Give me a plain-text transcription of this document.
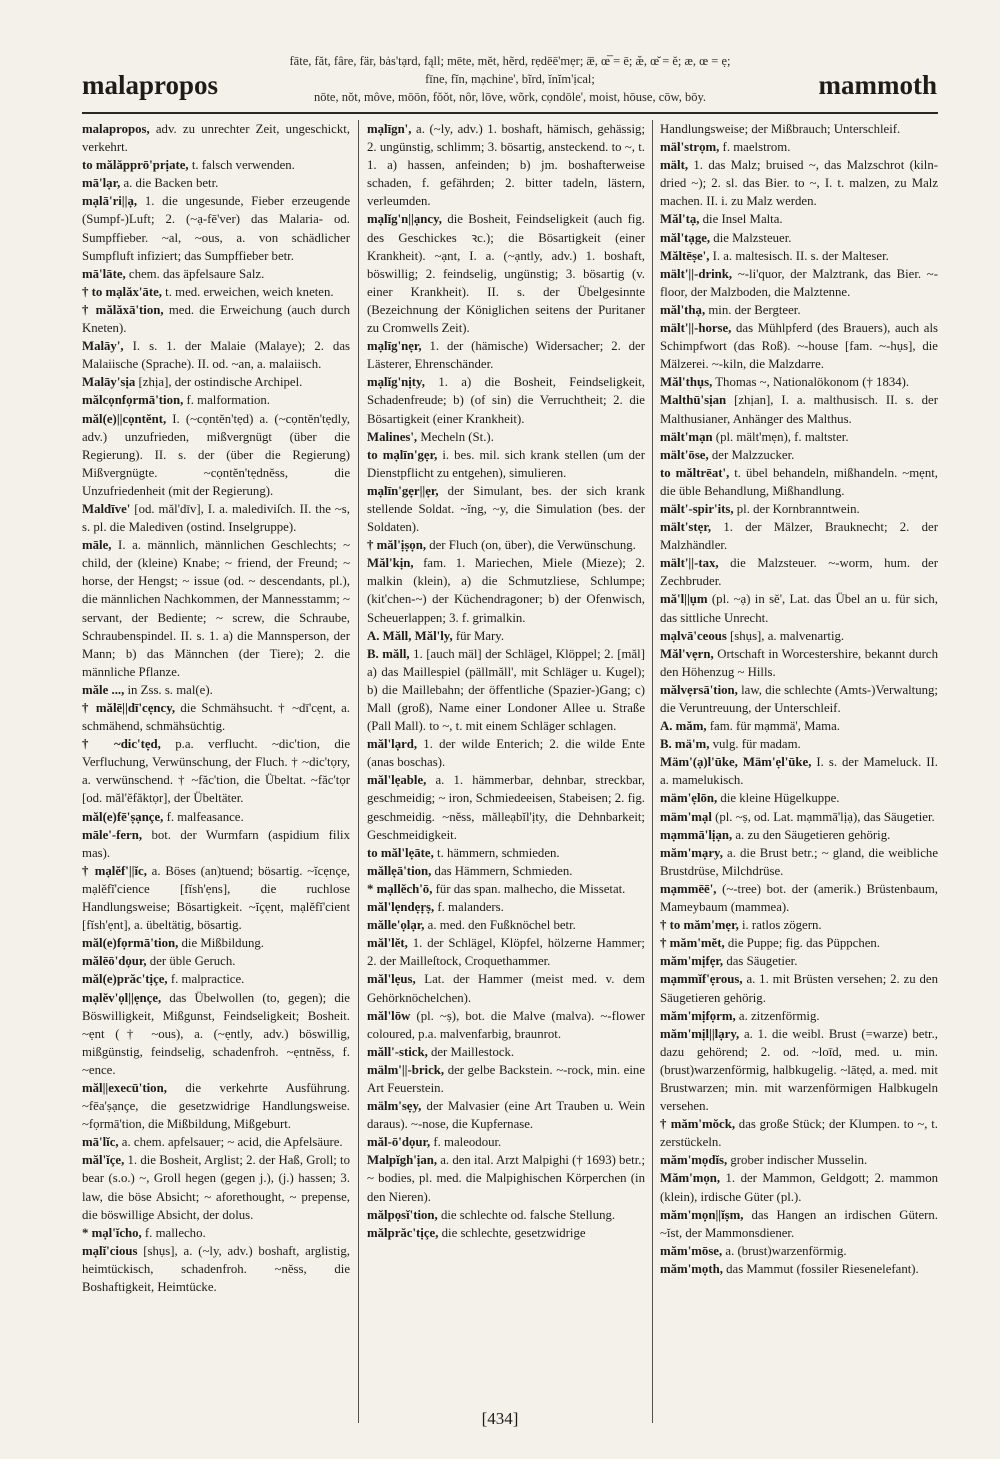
malapropos
fāte, făt, fâre, fär, bȧs'tạrd, fąll; mēte, mĕt, hẽrd, rẹdēē'mẹr; æ̅, œ̅ = ē; æ̆, œ̆ = ĕ; æ, œ = ẹ;
fīne, fĭn, mạchine', bĩrd, ĭnĭm'ịcal;
nōte, nŏt, môve, mōōn, fŏŏt, nôr, lōve, wõrk, cọndōle', moist, hōuse, cōw, bōy.	mammoth

malapropos, adv. zu unrechter Zeit, ungeschickt, verkehrt.

to mălăpprō'prịate, t. falsch verwenden.

mā'lạr, a. die Backen betr.

mạlā'ri||ạ, 1. die ungesunde, Fieber erzeugende (Sumpf-)Luft; 2. (~ạ-fē'ver) das Malaria- od. Sumpffieber. ~al, ~ous, a. von schädlicher Sumpfluft infiziert; das Sumpffieber betr.

mā'lāte, chem. das äpfelsaure Salz.

† to mạlăx'āte, t. med. erweichen, weich kneten.

† mălăxā'tion, med. die Erweichung (auch durch Kneten).

Malāy', I. s. 1. der Malaie (Malaye); 2. das Malaiische (Sprache). II. od. ~an, a. malaiisch.

Malāy'sịa [zhịa], der ostindische Archipel.

mălcọnfọrmā'tion, f. malformation.

măl(e)||cọntĕnt, I. (~cọntĕn'tẹd) a. (~cọntĕn'tẹdly, adv.) unzufrieden, mißvergnügt (über die Regierung). II. s. der (über die Regierung) Mißvergnügte. ~cọntĕn'tẹdnĕss, die Unzufriedenheit (mit der Regierung).

Maldīve' [od. măl'dīv], I. a. malediviſch. II. the ~s, s. pl. die Malediven (ostind. Inselgruppe).

māle, I. a. männlich, männlichen Geschlechts; ~ child, der (kleine) Knabe; ~ friend, der Freund; ~ horse, der Hengst; ~ issue (od. ~ descendants, pl.), die männlichen Nachkommen, der Mannesstamm; ~ servant, der Bediente; ~ screw, die Schraube, Schraubenspindel. II. s. 1. a) die Mannsperson, der Mann; b) das Männchen (der Tiere); 2. die männliche Pflanze.

măle ..., in Zss. s. mal(e).

† mălē||dī'cẹncy, die Schmähsucht. † ~dī'cẹnt, a. schmähend, schmähsüchtig.

† ~dic'tẹd, p.a. verflucht. ~dic'tion, die Verfluchung, Verwünschung, der Fluch. † ~dic'tọry, a. verwünschend. † ~făc'tion, die Übeltat. ~făc'tọr [od. măl'ĕfăktọr], der Übeltäter.

măl(e)fē'ṣạnçe, f. malfeasance.

māle'-fern, bot. der Wurmfarn (aspidium filix mas).

† mạlĕf'||ĭc, a. Böses (an)tuend; bösartig. ~ĭcẹnçe, mạlĕfĭ'cience [fĭsh'ẹns], die ruchlose Handlungsweise; Bösartigkeit. ~ĭçẹnt, mạlĕfĭ'cient [fĭsh'ẹnt], a. übeltätig, bösartig.

măl(e)fọrmā'tion, die Mißbildung.

mălēō'dọur, der üble Geruch.

măl(e)prăc'tịçe, f. malpractice.

mạlĕv'ọl||ẹnçe, das Übelwollen (to, gegen); die Böswilligkeit, Mißgunst, Feindseligkeit; Bosheit. ~ẹnt († ~ous), a. (~ẹntly, adv.) böswillig, mißgünstig, feindselig, schadenfroh. ~ẹntnĕss, f. ~ence.

măl||execū'tion, die verkehrte Ausführung. ~fēa'ṣạnçe, die gesetzwidrige Handlungsweise. ~fọrmā'tion, die Mißbildung, Mißgeburt.

mā'lĭc, a. chem. apfelsauer; ~ acid, die Apfelsäure.

măl'ĭçe, 1. die Bosheit, Arglist; 2. der Haß, Groll; to bear (s.o.) ~, Groll hegen (gegen j.), (j.) hassen; 3. law, die böse Absicht; ~ aforethought, ~ prepense, die böswillige Absicht, der dolus.

* mạl'ĭcho, f. mallecho.

mạlĭ'cious [shụs], a. (~ly, adv.) boshaft, arglistig, heimtückisch, schadenfroh. ~nĕss, die Boshaftigkeit, Heimtücke.

mạlīgn', a. (~ly, adv.) 1. boshaft, hämisch, gehässig; 2. ungünstig, schlimm; 3. bösartig, ansteckend. to ~, t. 1. a) hassen, anfeinden; b) jm. boshafterweise schaden, f. gefährden; 2. bitter tadeln, lästern, verleumden.

mạlĭg'n||ạncy, die Bosheit, Feindseligkeit (auch fig. des Geschickes ꝛc.); die Bösartigkeit (einer Krankheit). ~ạnt, I. a. (~ạntly, adv.) 1. boshaft, böswillig; 2. feindselig, ungünstig; 3. bösartig (v. einer Krankheit). II. s. der Übelgesinnte (Bezeichnung der Königlichen seitens der Puritaner zu Cromwells Zeit).

mạlīg'nẹr, 1. der (hämische) Widersacher; 2. der Lästerer, Ehrenschänder.

mạlĭg'nịty, 1. a) die Bosheit, Feindseligkeit, Schadenfreude; b) (of sin) die Verruchtheit; 2. die Bösartigkeit (einer Krankheit).

Malines', Mecheln (St.).

to mạlīn'gẹr, i. bes. mil. sich krank stellen (um der Dienstpflicht zu entgehen), simulieren.

mạlīn'gẹr||ẹr, der Simulant, bes. der sich krank stellende Soldat. ~ĭng, ~y, die Simulation (bes. der Soldaten).

† măl'ịṣọn, der Fluch (on, über), die Verwünschung.

Măl'kịn, fam. 1. Mariechen, Miele (Mieze); 2. malkin (klein), a) die Schmutzliese, Schlumpe; (kit'chen-~) der Küchendragoner; b) der Ofenwisch, Scheuerlappen; 3. f. grimalkin.

A. Măll, Măl'ly, für Mary.

B. măll, 1. [auch mäl] der Schlägel, Klöppel; 2. [măl] a) das Maillespiel (pällmăll', mit Schläger u. Kugel); b) die Maillebahn; der öffentliche (Spazier-)Gang; c) Mall (groß), Name einer Londoner Allee u. Straße (Pall Mall). to ~, t. mit einem Schläger schlagen.

măl'lạrd, 1. der wilde Enterich; 2. die wilde Ente (anas boschas).

măl'lẹable, a. 1. hämmerbar, dehnbar, streckbar, geschmeidig; ~ iron, Schmiedeeisen, Stabeisen; 2. fig. geschmeidig. ~nĕss, mălleạbĭl'ịty, die Dehnbarkeit; Geschmeidigkeit.

to măl'lẹāte, t. hämmern, schmieden.

măllẹā'tion, das Hämmern, Schmieden.

* mạllĕch'ō, für das span. malhecho, die Missetat.

măl'lẹndẹṛṣ, f. malanders.

mălle'ọlạr, a. med. den Fußknöchel betr.

măl'lĕt, 1. der Schlägel, Klöpfel, hölzerne Hammer; 2. der Mailleſtock, Croquethammer.

măl'lẹus, Lat. der Hammer (meist med. v. dem Gehörknöchelchen).

măl'lōw (pl. ~ṣ), bot. die Malve (malva). ~-flower coloured, p.a. malvenfarbig, braunrot.

măll'-stick, der Maillestock.

mälm'||-brick, der gelbe Backstein. ~-rock, min. eine Art Feuerstein.

mälm'sẹy, der Malvasier (eine Art Trauben u. Wein daraus). ~-nose, die Kupfernase.

măl-ō'dọur, f. maleodour.

Malpĭgh'ịan, a. den ital. Arzt Malpighi († 1693) betr.; ~ bodies, pl. med. die Malpighischen Körperchen (in den Nieren).

mălpọsĭ'tion, die schlechte od. falsche Stellung.

mălprăc'tịçe, die schlechte, gesetzwidrige

Handlungsweise; der Mißbrauch; Unterschleif.

mäl'strọm, f. maelstrom.

mält, 1. das Malz; bruised ~, das Malzschrot (kiln-dried ~); 2. sl. das Bier. to ~, I. t. malzen, zu Malz machen. II. i. zu Malz werden.

Măl'tạ, die Insel Malta.

măl'tạge, die Malzsteuer.

Măltēṣe', I. a. maltesisch. II. s. der Malteser.

mält'||-drink, ~-li'quor, der Malztrank, das Bier. ~-floor, der Malzboden, die Malztenne.

măl'thạ, min. der Bergteer.

mält'||-horse, das Mühlpferd (des Brauers), auch als Schimpfwort (das Roß). ~-house [fam. ~-hụs], die Mälzerei. ~-kiln, die Malzdarre.

Măl'thụs, Thomas ~, Nationalökonom († 1834).

Malthū'sịan [zhịan], I. a. malthusisch. II. s. der Malthusianer, Anhänger des Malthus.

mält'mạn (pl. mält'mẹn), f. maltster.

mält'ōse, der Malzzucker.

to măltrēat', t. übel behandeln, mißhandeln. ~mẹnt, die üble Behandlung, Mißhandlung.

mält'-spir'its, pl. der Kornbranntwein.

mält'stẹr, 1. der Mälzer, Brauknecht; 2. der Malzhändler.

mält'||-tax, die Malzsteuer. ~-worm, hum. der Zechbruder.

mă'l||ụm (pl. ~ạ) in sĕ', Lat. das Übel an u. für sich, das sittliche Unrecht.

mạlvā'ceous [shụs], a. malvenartig.

Măl'vẹrn, Ortschaft in Worcestershire, bekannt durch den Höhenzug ~ Hills.

mălvẹrsā'tion, law, die schlechte (Amts-)Verwaltung; die Veruntreuung, der Unterschleif.

A. măm, fam. für mạmmä', Mama.

B. mä'm, vulg. für madam.

Mäm'(ạ)l'ūke, Mäm'ẹl'ūke, I. s. der Mameluck. II. a. mamelukisch.

mäm'ẹlōn, die kleine Hügelkuppe.

mäm'mạl (pl. ~ṣ, od. Lat. mạmmā'lịạ), das Säugetier.

mạmmā'lịạn, a. zu den Säugetieren gehörig.

măm'mạry, a. die Brust betr.; ~ gland, die weibliche Brustdrüse, Milchdrüse.

mạmmēē', (~-tree) bot. der (amerik.) Brüstenbaum, Mameybaum (mammea).

† to măm'mẹr, i. ratlos zögern.

† măm'mĕt, die Puppe; fig. das Püppchen.

măm'mịfẹr, das Säugetier.

mạmmĭf'ẹrous, a. 1. mit Brüsten versehen; 2. zu den Säugetieren gehörig.

măm'mịfọrm, a. zitzenförmig.

măm'mịl||lạry, a. 1. die weibl. Brust (=warze) betr., dazu gehörend; 2. od. ~loīd, med. u. min. (brust)warzenförmig, halbkugelig. ~lātẹd, a. med. mit Brustwarzen; min. mit warzenförmigen Halbkugeln versehen.

† măm'mŏck, das große Stück; der Klumpen. to ~, t. zerstückeln.

măm'mọdĭs, grober indischer Musselin.

Măm'mọn, 1. der Mammon, Geldgott; 2. mammon (klein), irdische Güter (pl.).

măm'mọn||ĭṣm, das Hangen an irdischen Gütern. ~ĭst, der Mammonsdiener.

măm'mōse, a. (brust)warzenförmig.

măm'mọth, das Mammut (fossiler Riesenelefant).

[434]
